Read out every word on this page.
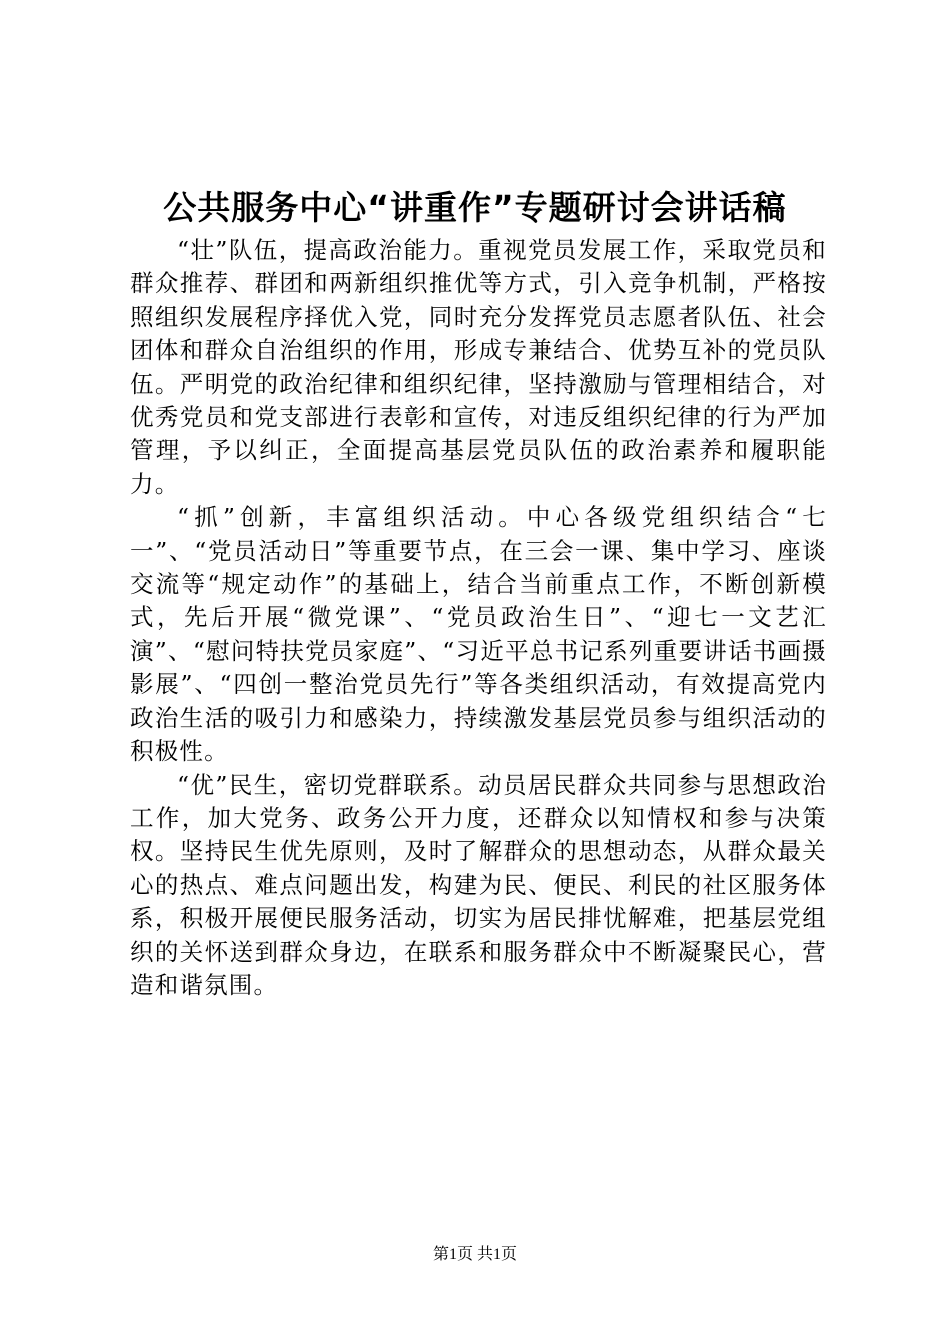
公共服务中心“讲重作”专题研讨会讲话稿

“壮”队伍，提高政治能力。重视党员发展工作，采取党员和群众推荐、群团和两新组织推优等方式，引入竞争机制，严格按照组织发展程序择优入党，同时充分发挥党员志愿者队伍、社会团体和群众自治组织的作用，形成专兼结合、优势互补的党员队伍。严明党的政治纪律和组织纪律，坚持激励与管理相结合，对优秀党员和党支部进行表彰和宣传，对违反组织纪律的行为严加管理，予以纠正，全面提高基层党员队伍的政治素养和履职能力。

“抓”创新，丰富组织活动。中心各级党组织结合“七一”、“党员活动日”等重要节点，在三会一课、集中学习、座谈交流等“规定动作”的基础上，结合当前重点工作，不断创新模式，先后开展“微党课”、“党员政治生日”、“迎七一文艺汇演”、“慰问特扶党员家庭”、“习近平总书记系列重要讲话书画摄影展”、“四创一整治党员先行”等各类组织活动，有效提高党内政治生活的吸引力和感染力，持续激发基层党员参与组织活动的积极性。

“优”民生，密切党群联系。动员居民群众共同参与思想政治工作，加大党务、政务公开力度，还群众以知情权和参与决策权。坚持民生优先原则，及时了解群众的思想动态，从群众最关心的热点、难点问题出发，构建为民、便民、利民的社区服务体系，积极开展便民服务活动，切实为居民排忧解难，把基层党组织的关怀送到群众身边，在联系和服务群众中不断凝聚民心，营造和谐氛围。

第1页 共1页
